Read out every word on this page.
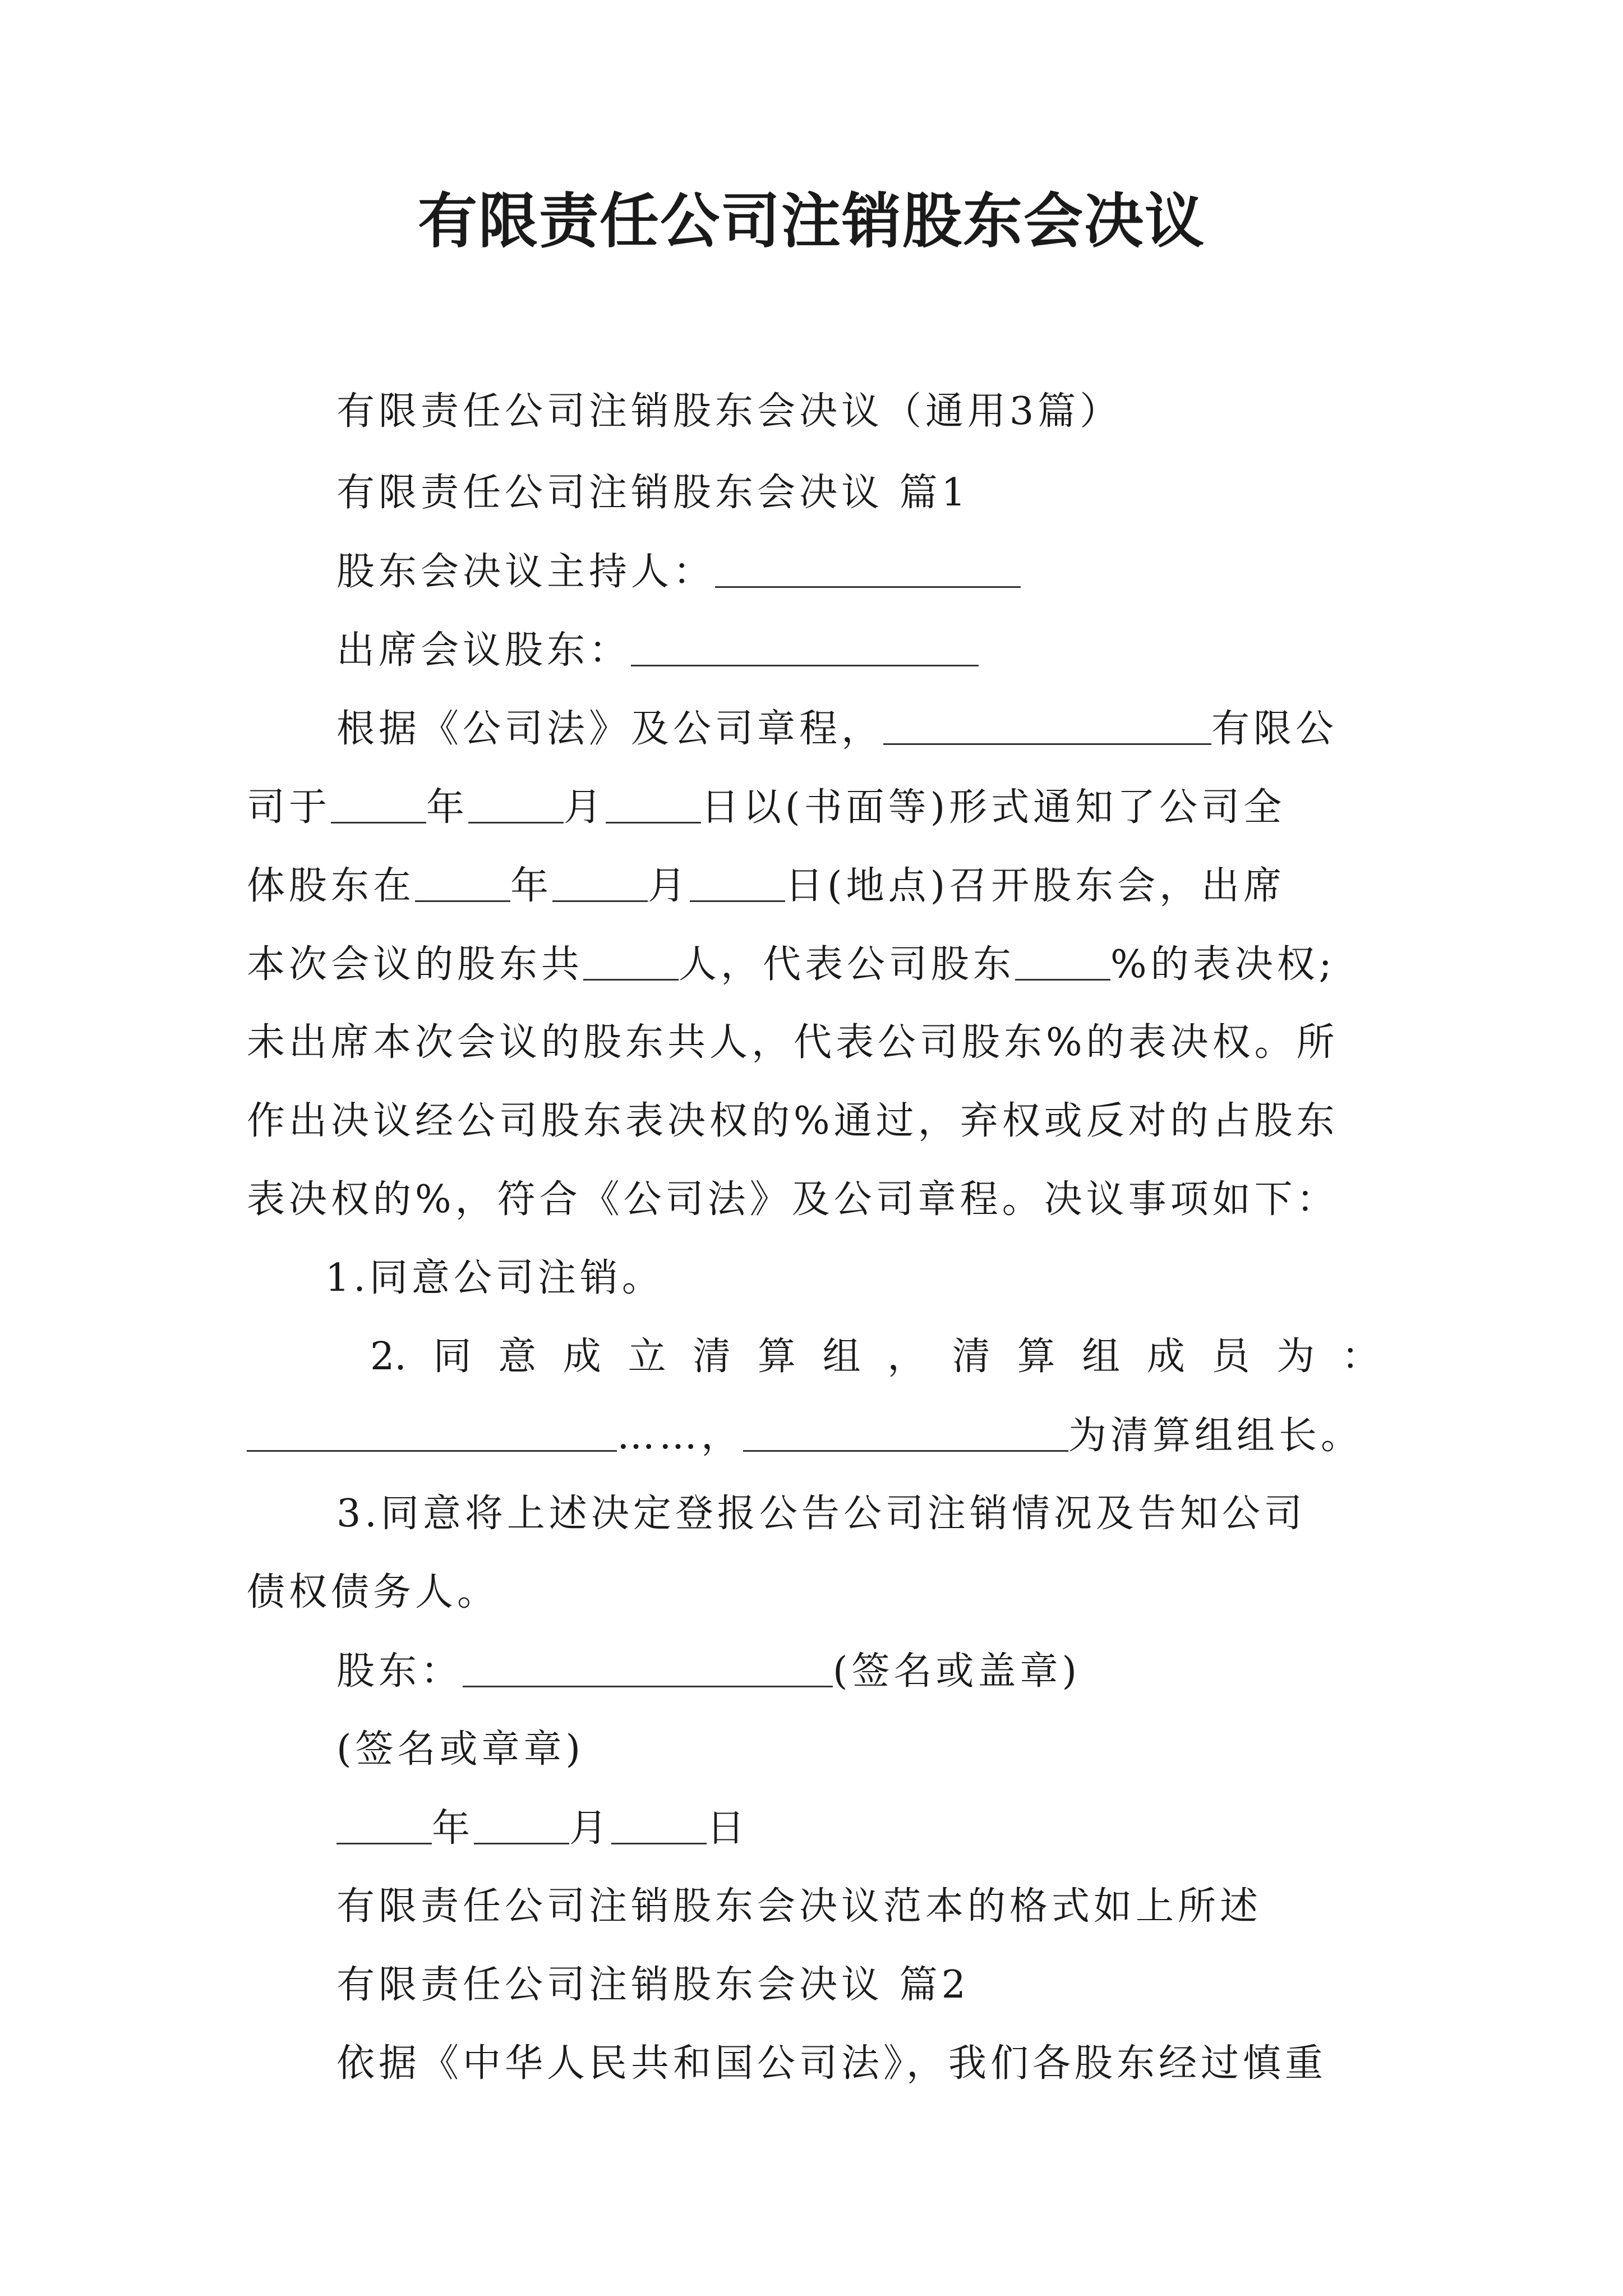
有限责任公司注销股东会决议
有限责任公司注销股东会决议（通用3篇）
有限责任公司注销股东会决议 篇1
股东会决议主持人：
出席会议股东：
根据《公司法》及公司章程，	有限公
司于	年	月	日以(书面等)形式通知了公司全
体股东在	年	月	日(地点)召开股东会，出席
本次会议的股东共	人，代表公司股东	%的表决权;
未出席本次会议的股东共人，代表公司股东%的表决权。所
作出决议经公司股东表决权的%通过，弃权或反对的占股东
表决权的%，符合《公司法》及公司章程。决议事项如下：
1.同意公司注销。
2. 同 意 成 立 清 算 组 ， 清 算 组 成 员 为 ：
……，	为清算组组长。
3.同意将上述决定登报公告公司注销情况及告知公司
债权债务人。
股东：	(签名或盖章)
(签名或章章)
年	月	日
有限责任公司注销股东会决议范本的格式如上所述
有限责任公司注销股东会决议 篇2
依据《中华人民共和国公司法》，我们各股东经过慎重
